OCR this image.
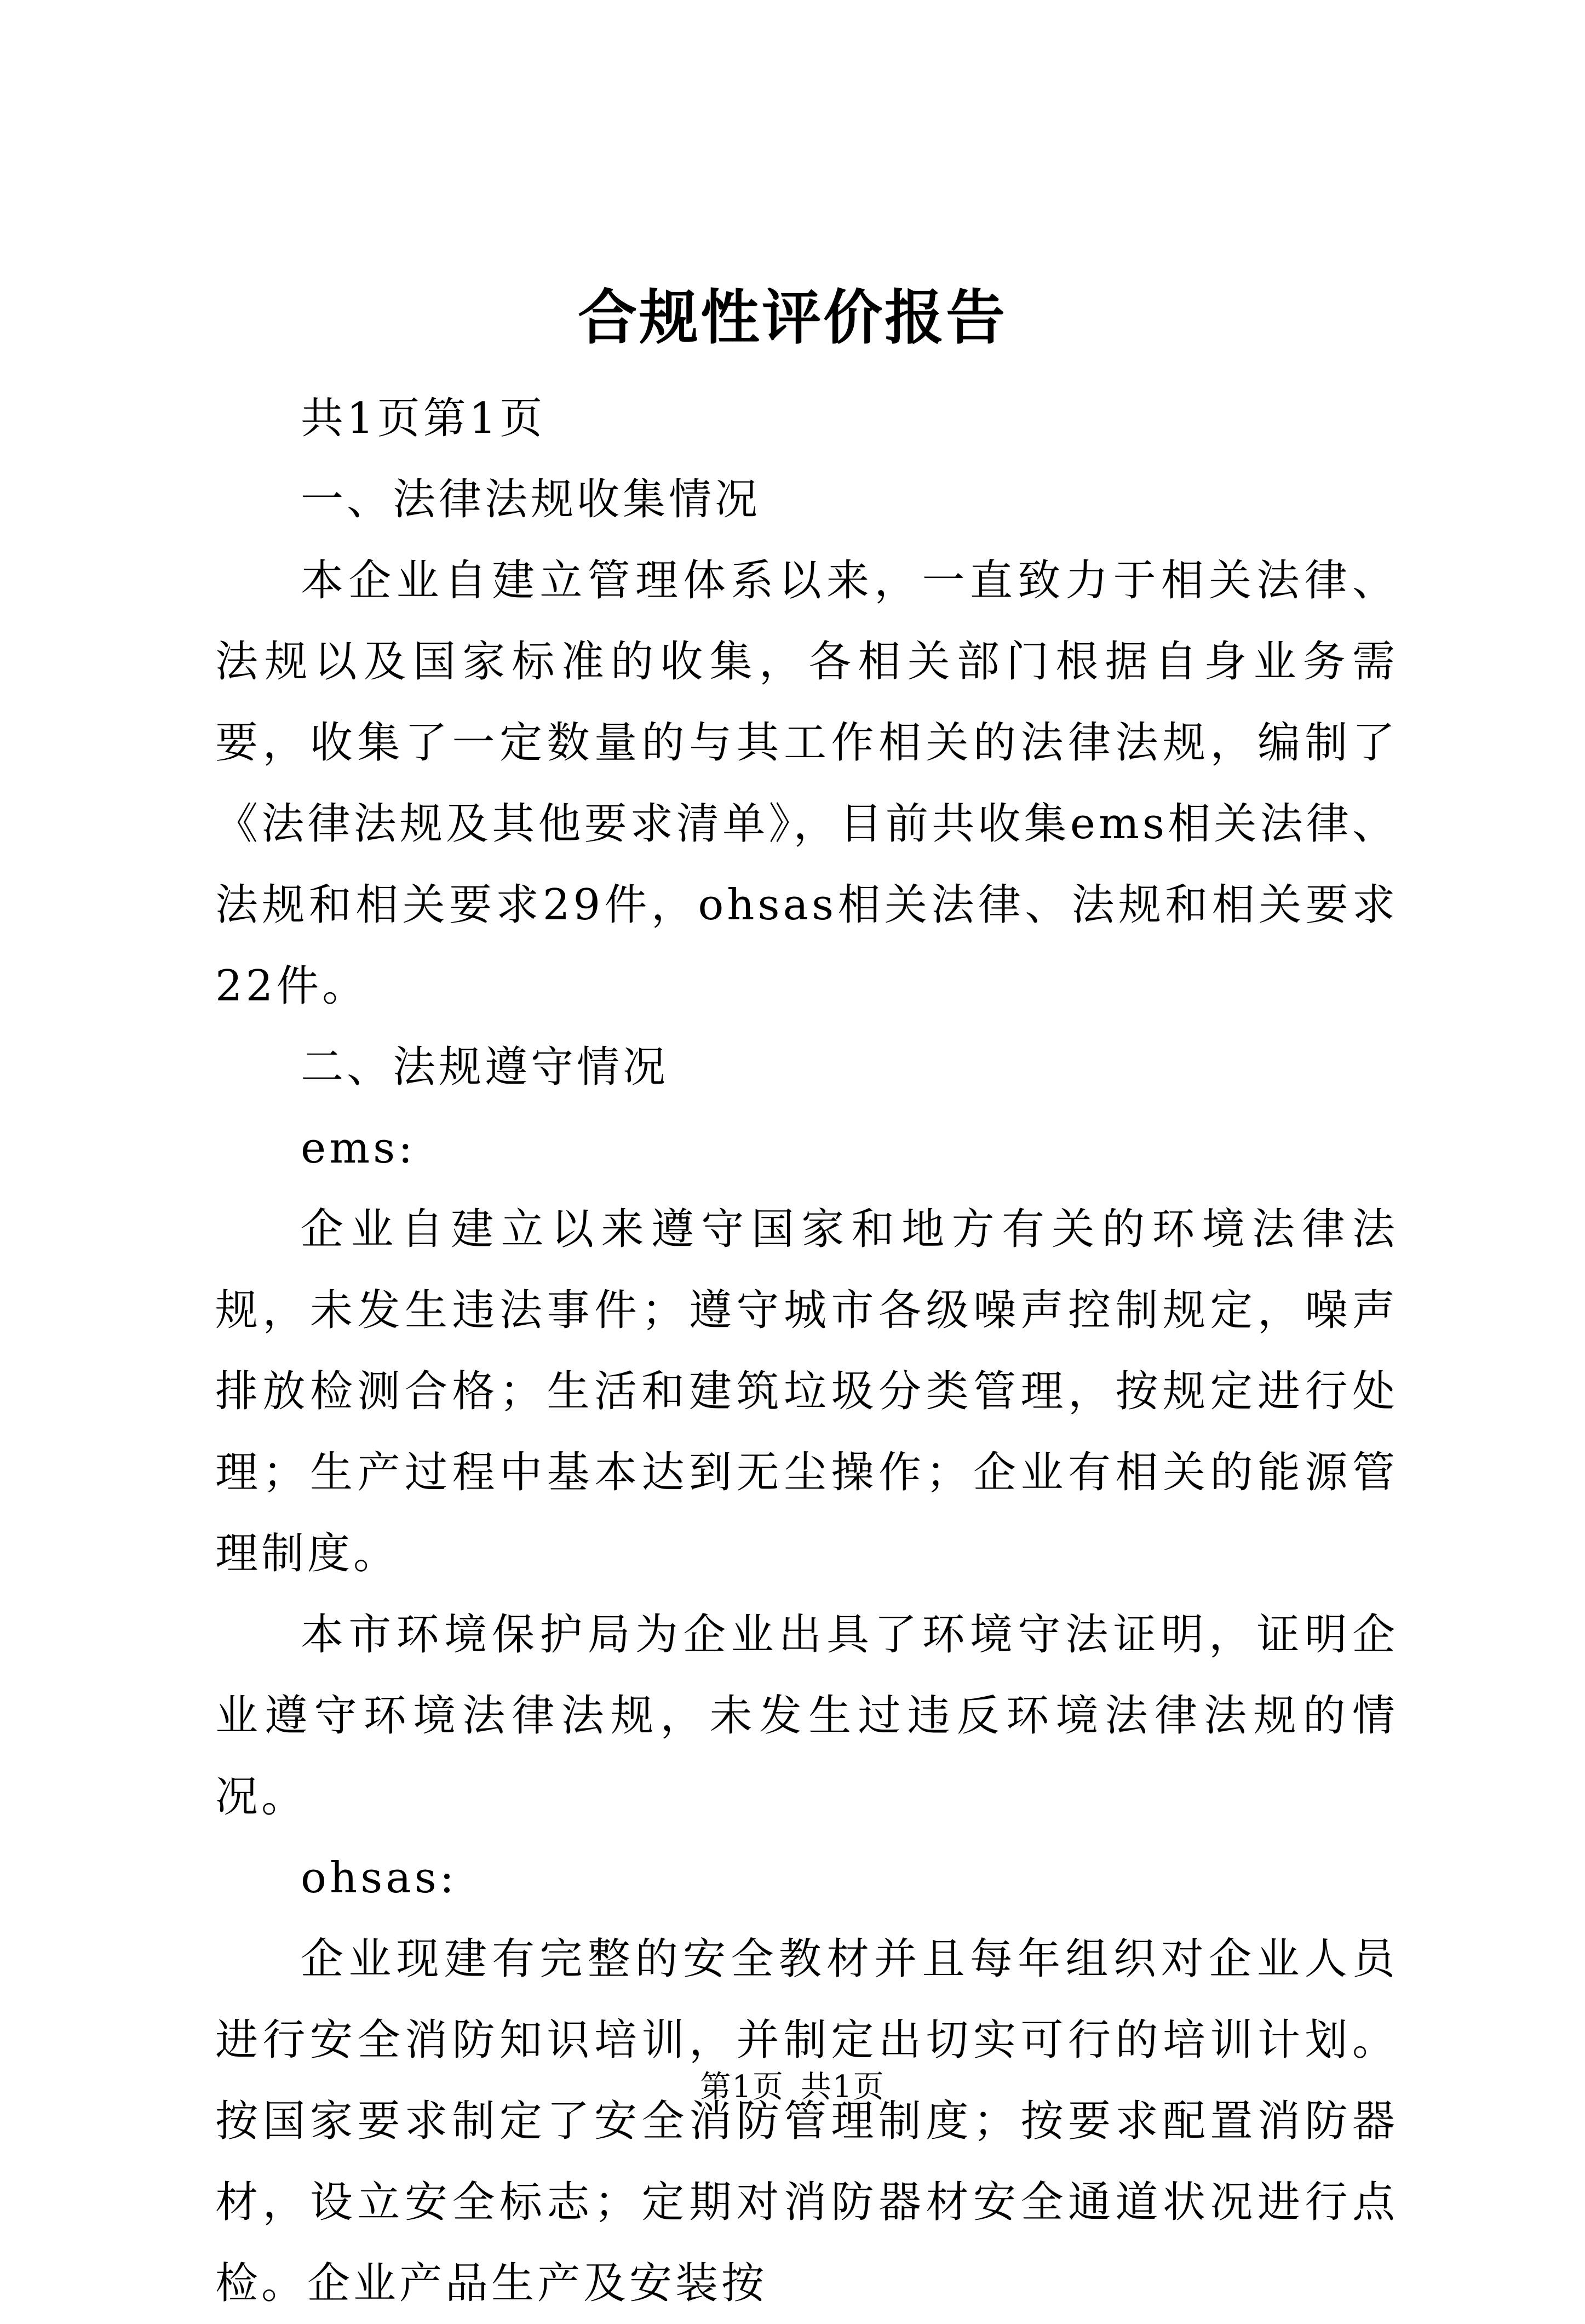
合规性评价报告

共1页第1页

一、法律法规收集情况

本企业自建立管理体系以来，一直致力于相关法律、法规以及国家标准的收集，各相关部门根据自身业务需要，收集了一定数量的与其工作相关的法律法规，编制了《法律法规及其他要求清单》，目前共收集ems相关法律、法规和相关要求29件，ohsas相关法律、法规和相关要求22件。

二、法规遵守情况

ems:

企业自建立以来遵守国家和地方有关的环境法律法规，未发生违法事件；遵守城市各级噪声控制规定，噪声排放检测合格；生活和建筑垃圾分类管理，按规定进行处理；生产过程中基本达到无尘操作；企业有相关的能源管理制度。

本市环境保护局为企业出具了环境守法证明，证明企业遵守环境法律法规，未发生过违反环境法律法规的情况。

ohsas:

企业现建有完整的安全教材并且每年组织对企业人员进行安全消防知识培训，并制定出切实可行的培训计划。按国家要求制定了安全消防管理制度；按要求配置消防器材，设立安全标志；定期对消防器材安全通道状况进行点检。企业产品生产及安装按

第1页 共1页
